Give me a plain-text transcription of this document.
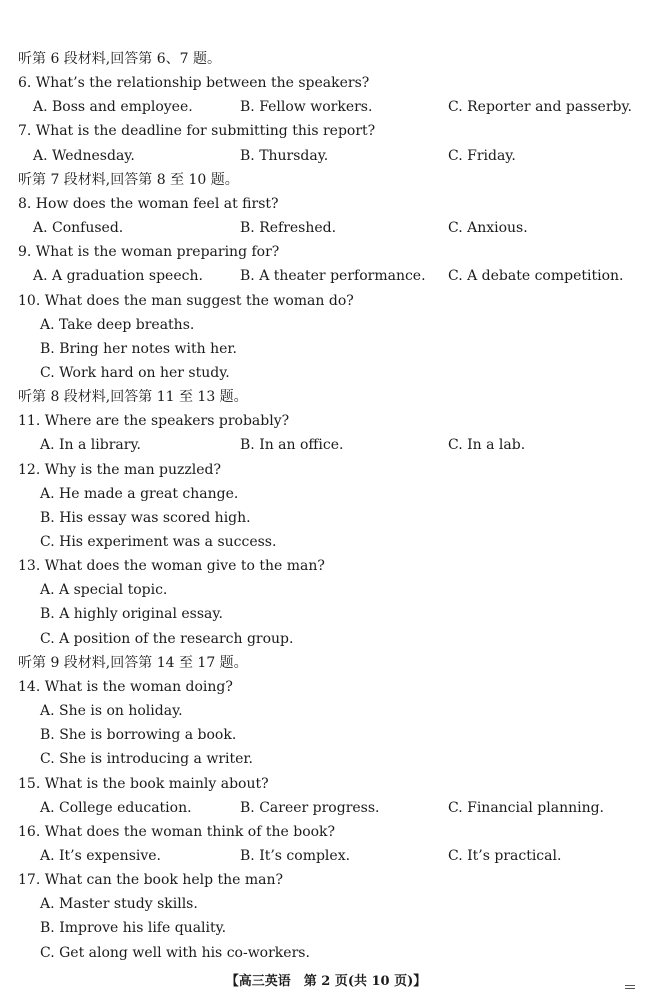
听第 6 段材料,回答第 6、7 题。
6. What’s the relationship between the speakers?
A. Boss and employee.	B. Fellow workers.	C. Reporter and passerby.
7. What is the deadline for submitting this report?
A. Wednesday.	B. Thursday.	C. Friday.
听第 7 段材料,回答第 8 至 10 题。
8. How does the woman feel at first?
A. Confused.	B. Refreshed.	C. Anxious.
9. What is the woman preparing for?
A. A graduation speech.	B. A theater performance. C. A debate competition.
10. What does the man suggest the woman do?
A. Take deep breaths.
B. Bring her notes with her.
C. Work hard on her study.
听第 8 段材料,回答第 11 至 13 题。
11. Where are the speakers probably?
A. In a library.	B. In an office.	C. In a lab.
12. Why is the man puzzled?
A. He made a great change.
B. His essay was scored high.
C. His experiment was a success.
13. What does the woman give to the man?
A. A special topic.
B. A highly original essay.
C. A position of the research group.
听第 9 段材料,回答第 14 至 17 题。
14. What is the woman doing?
A. She is on holiday.
B. She is borrowing a book.
C. She is introducing a writer.
15. What is the book mainly about?
A. College education.	B. Career progress.	C. Financial planning.
16. What does the woman think of the book?
A. It’s expensive.	B. It’s complex.	C. It’s practical.
17. What can the book help the man?
A. Master study skills.
B. Improve his life quality.
C. Get along well with his co-workers.
【高三英语　第 2 页(共 10 页)】
